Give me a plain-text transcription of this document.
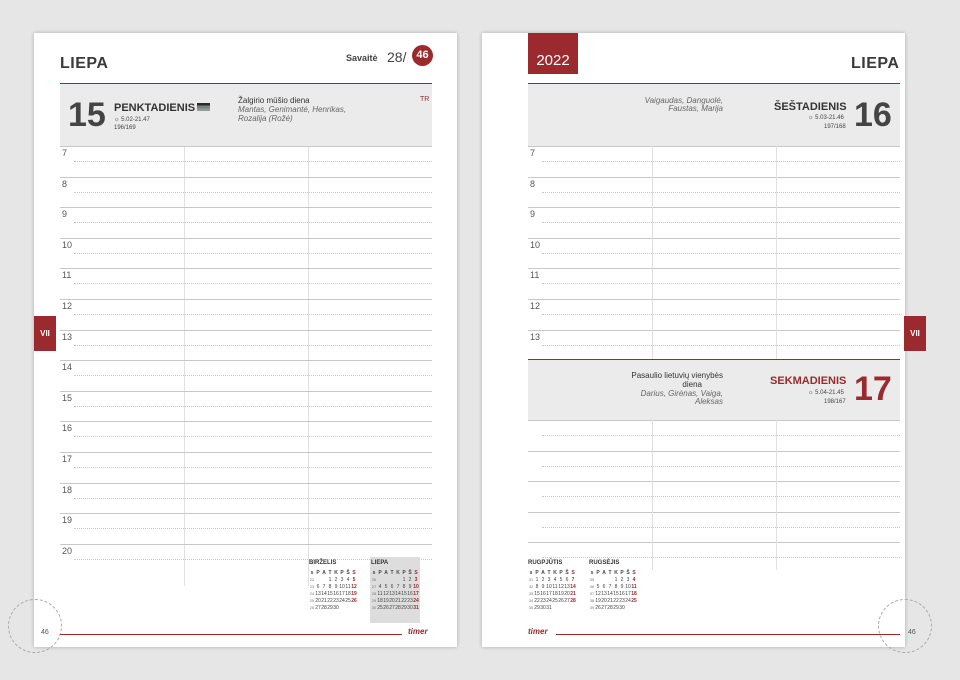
LIEPA	Savaitė 28/ 46
15 PENKTADIENIS
☼ 5.02-21.47
196/169
Žalgirio mūšio diena
Mantas, Genimantė, Henrikas,
Rozalija (Rožė)
TR
7
8
9
10
11
12
13
14
15
16
17
18
19
20
BIRŽELIS
s	P	A	T	K	P	Š	S
22			1	2	3	4	5
23	6	7	8	9	10	11	12
24	13	14	15	16	17	18	19
25	20	21	22	23	24	25	26
26	27	28	29	30			
LIEPA
s	P	A	T	K	P	Š	S
26					1	2	3
27	4	5	6	7	8	9	10
28	11	12	13	14	15	16	17
29	18	19	20	21	22	23	24
30	25	26	27	28	29	30	31
46	timer
VII
2022	LIEPA
Vaigaudas, Danguolė,
Faustas, Marija	ŠEŠTADIENIS
☼ 5.03-21.46
197/168 16
7
8
9
10
11
12
13
Pasaulio lietuvių vienybės
diena
Darius, Girėnas, Vaiga,
Aleksas
SEKMADIENIS
☼ 5.04-21.45
198/167 17
RUGPJŪTIS
s	P	A	T	K	P	Š	S
31	1	2	3	4	5	6	7
32	8	9	10	11	12	13	14
33	15	16	17	18	19	20	21
34	22	23	24	25	26	27	28
35	29	30	31				
RUGSĖJIS
s	P	A	T	K	P	Š	S
35				1	2	3	4
36	5	6	7	8	9	10	11
37	12	13	14	15	16	17	18
38	19	20	21	22	23	24	25
39	26	27	28	29	30		
timer	46
VII
